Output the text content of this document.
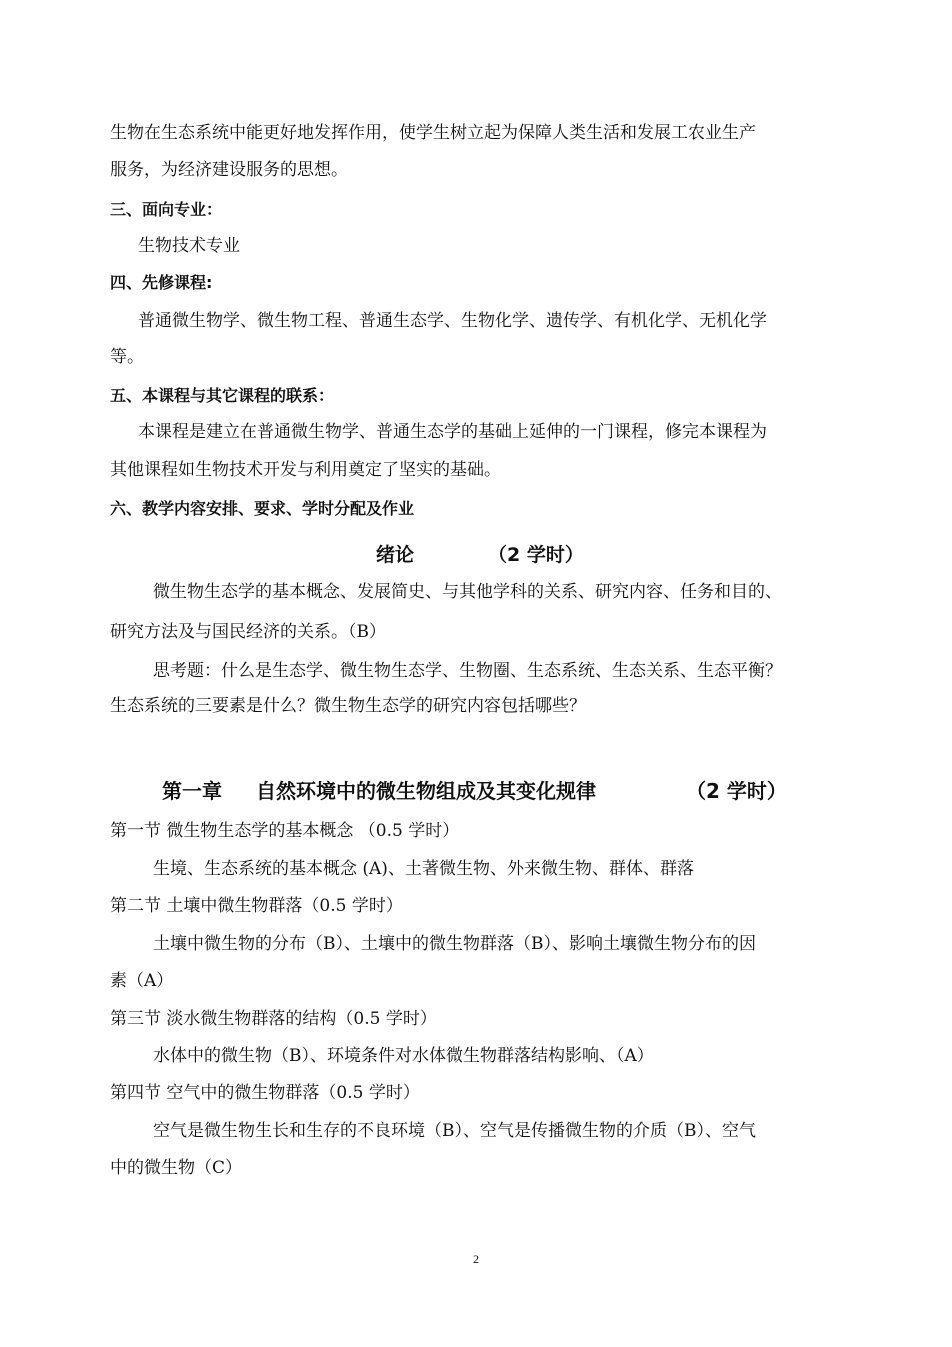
生物在生态系统中能更好地发挥作用，使学生树立起为保障人类生活和发展工农业生产
服务，为经济建设服务的思想。
三、面向专业：
生物技术专业
四、先修课程:
普通微生物学、微生物工程、普通生态学、生物化学、遗传学、有机化学、无机化学
等。
五、本课程与其它课程的联系：
本课程是建立在普通微生物学、普通生态学的基础上延伸的一门课程，修完本课程为
其他课程如生物技术开发与利用奠定了坚实的基础。
六、教学内容安排、要求、学时分配及作业
绪论	（2 学时）
微生物生态学的基本概念、发展简史、与其他学科的关系、研究内容、任务和目的、
研究方法及与国民经济的关系。（B）
思考题：什么是生态学、微生物生态学、生物圈、生态系统、生态关系、生态平衡？
生态系统的三要素是什么？微生物生态学的研究内容包括哪些？
第一章 自然环境中的微生物组成及其变化规律	（2 学时）
第一节 微生物生态学的基本概念 （0.5 学时）
生境、生态系统的基本概念 (A)、土著微生物、外来微生物、群体、群落
第二节 土壤中微生物群落（0.5 学时）
土壤中微生物的分布（B）、土壤中的微生物群落（B）、影响土壤微生物分布的因
素（A）
第三节 淡水微生物群落的结构（0.5 学时）
水体中的微生物（B）、环境条件对水体微生物群落结构影响、（A）
第四节 空气中的微生物群落（0.5 学时）
空气是微生物生长和生存的不良环境（B）、空气是传播微生物的介质（B）、空气
中的微生物（C）
2
